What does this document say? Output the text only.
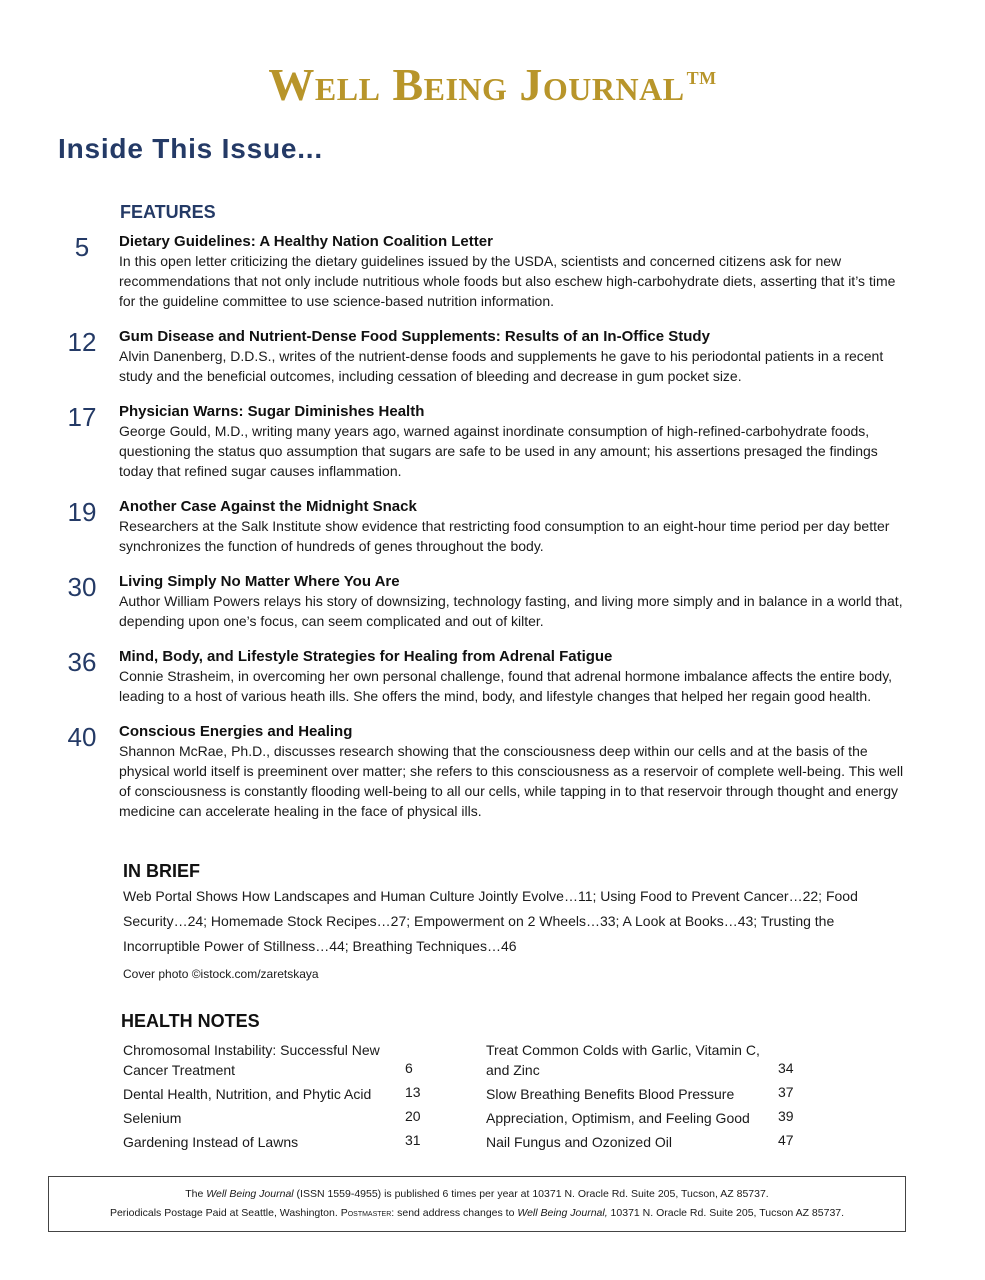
Well Being Journal ™
Inside This Issue...
FEATURES
5	Dietary Guidelines: A Healthy Nation Coalition Letter
In this open letter criticizing the dietary guidelines issued by the USDA, scientists and concerned citizens ask for new recommendations that not only include nutritious whole foods but also eschew high-carbohydrate diets, asserting that it’s time for the guideline committee to use science-based nutrition information.
12	Gum Disease and Nutrient-Dense Food Supplements: Results of an In-Office Study
Alvin Danenberg, D.D.S., writes of the nutrient-dense foods and supplements he gave to his periodontal patients in a recent study and the beneficial outcomes, including cessation of bleeding and decrease in gum pocket size.
17	Physician Warns: Sugar Diminishes Health
George Gould, M.D., writing many years ago, warned against inordinate consumption of high-refined-carbohydrate foods, questioning the status quo assumption that sugars are safe to be used in any amount; his assertions presaged the findings today that refined sugar causes inflammation.
19	Another Case Against the Midnight Snack
Researchers at the Salk Institute show evidence that restricting food consumption to an eight-hour time period per day better synchronizes the function of hundreds of genes throughout the body.
30	Living Simply No Matter Where You Are
Author William Powers relays his story of downsizing, technology fasting, and living more simply and in balance in a world that, depending upon one’s focus, can seem complicated and out of kilter.
36	Mind, Body, and Lifestyle Strategies for Healing from Adrenal Fatigue
Connie Strasheim, in overcoming her own personal challenge, found that adrenal hormone imbalance affects the entire body, leading to a host of various heath ills. She offers the mind, body, and lifestyle changes that helped her regain good health.
40	Conscious Energies and Healing
Shannon McRae, Ph.D., discusses research showing that the consciousness deep within our cells and at the basis of the physical world itself is preeminent over matter; she refers to this consciousness as a reservoir of complete well-being. This well of consciousness is constantly flooding well-being to all our cells, while tapping in to that reservoir through thought and energy medicine can accelerate healing in the face of physical ills.
IN BRIEF
Web Portal Shows How Landscapes and Human Culture Jointly Evolve…11; Using Food to Prevent Cancer…22; Food Security…24; Homemade Stock Recipes…27; Empowerment on 2 Wheels…33; A Look at Books…43; Trusting the Incorruptible Power of Stillness…44; Breathing Techniques…46
Cover photo ©istock.com/zaretskaya
HEALTH NOTES
Chromosomal Instability: Successful New Cancer Treatment	6
Dental Health, Nutrition, and Phytic Acid	13
Selenium	20
Gardening Instead of Lawns	31
Treat Common Colds with Garlic, Vitamin C, and Zinc	34
Slow Breathing Benefits Blood Pressure	37
Appreciation, Optimism, and Feeling Good	39
Nail Fungus and Ozonized Oil	47
The Well Being Journal (ISSN 1559-4955) is published 6 times per year at 10371 N. Oracle Rd. Suite 205, Tucson, AZ 85737.
Periodicals Postage Paid at Seattle, Washington. Postmaster: send address changes to Well Being Journal, 10371 N. Oracle Rd. Suite 205, Tucson AZ 85737.
